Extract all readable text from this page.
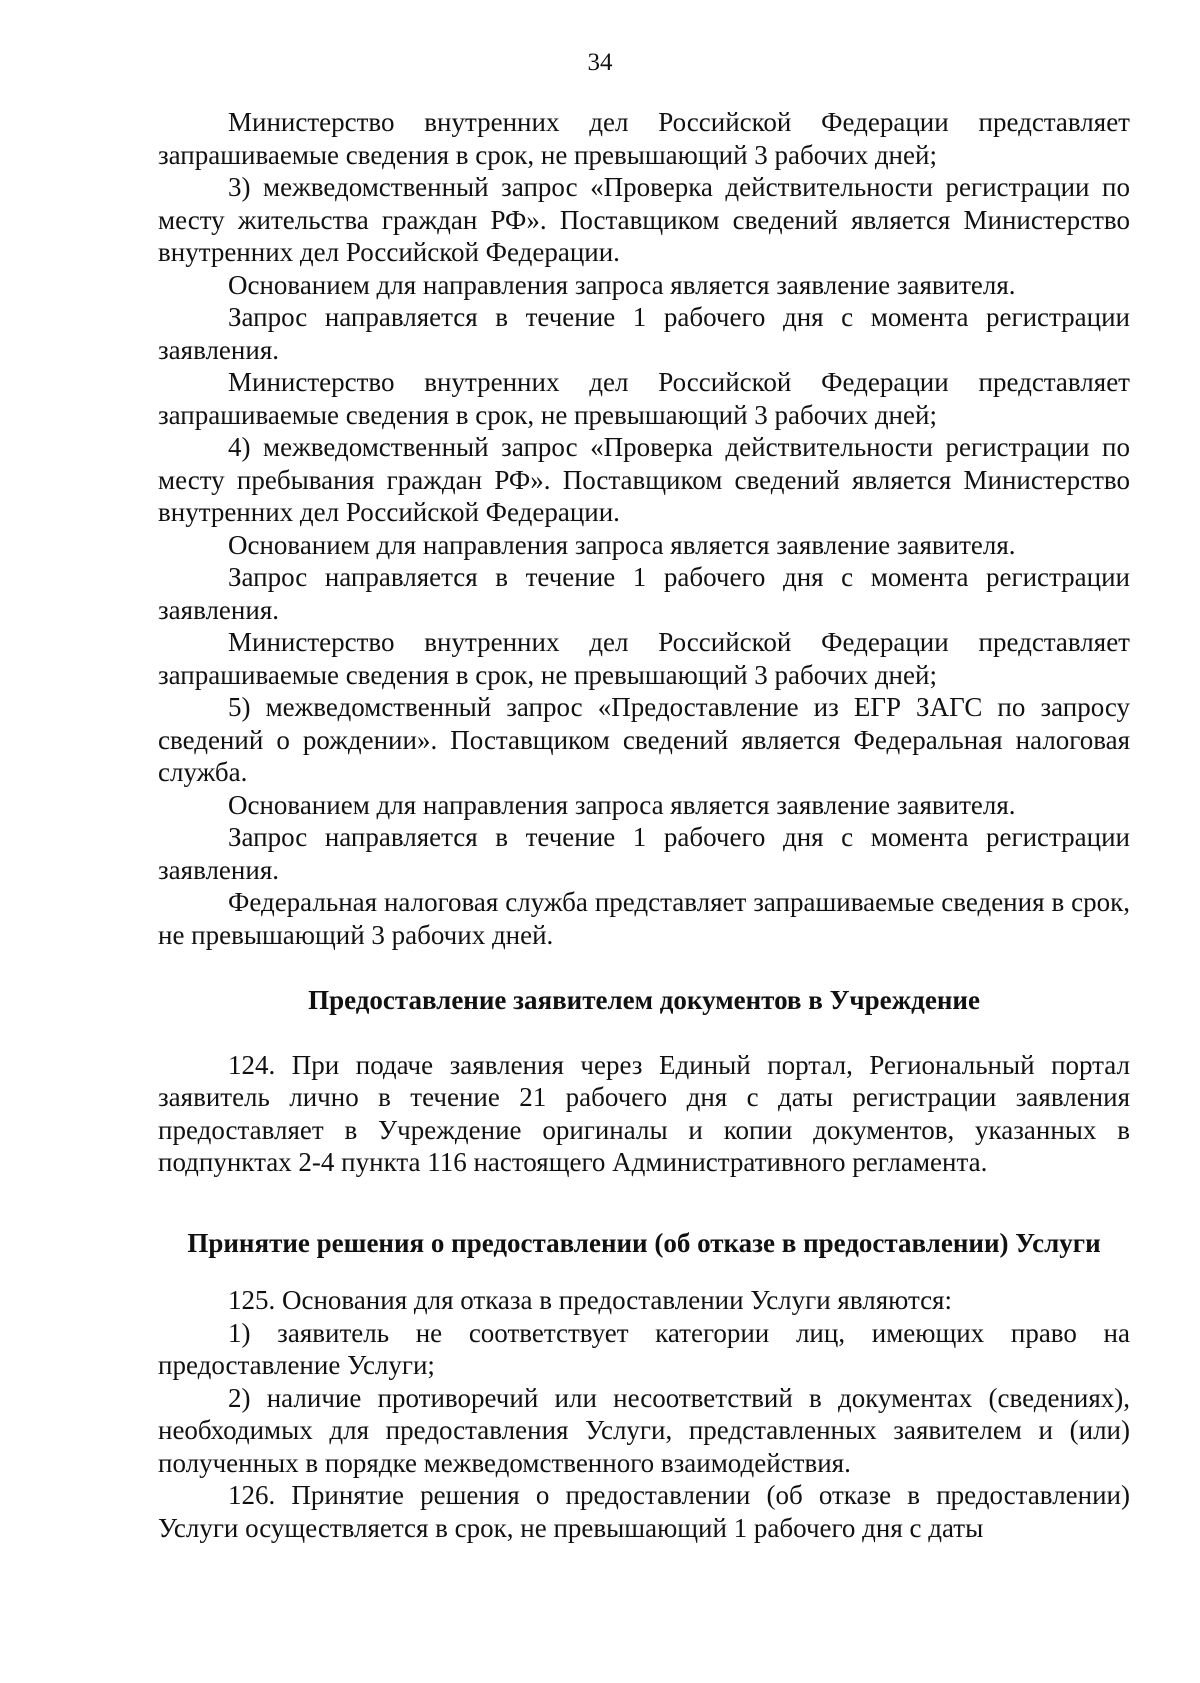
34

Министерство внутренних дел Российской Федерации представляет запрашиваемые сведения в срок, не превышающий 3 рабочих дней;

3) межведомственный запрос «Проверка действительности регистрации по месту жительства граждан РФ». Поставщиком сведений является Министерство внутренних дел Российской Федерации.

Основанием для направления запроса является заявление заявителя.

Запрос направляется в течение 1 рабочего дня с момента регистрации заявления.

Министерство внутренних дел Российской Федерации представляет запрашиваемые сведения в срок, не превышающий 3 рабочих дней;

4) межведомственный запрос «Проверка действительности регистрации по месту пребывания граждан РФ». Поставщиком сведений является Министерство внутренних дел Российской Федерации.

Основанием для направления запроса является заявление заявителя.

Запрос направляется в течение 1 рабочего дня с момента регистрации заявления.

Министерство внутренних дел Российской Федерации представляет запрашиваемые сведения в срок, не превышающий 3 рабочих дней;

5) межведомственный запрос «Предоставление из ЕГР ЗАГС по запросу сведений о рождении». Поставщиком сведений является Федеральная налоговая служба.

Основанием для направления запроса является заявление заявителя.

Запрос направляется в течение 1 рабочего дня с момента регистрации заявления.

Федеральная налоговая служба представляет запрашиваемые сведения в срок, не превышающий 3 рабочих дней.

Предоставление заявителем документов в Учреждение

124. При подаче заявления через Единый портал, Региональный портал заявитель лично в течение 21 рабочего дня с даты регистрации заявления предоставляет в Учреждение оригиналы и копии документов, указанных в подпунктах 2-4 пункта 116 настоящего Административного регламента.

Принятие решения о предоставлении (об отказе в предоставлении) Услуги

125. Основания для отказа в предоставлении Услуги являются:

1) заявитель не соответствует категории лиц, имеющих право на предоставление Услуги;

2) наличие противоречий или несоответствий в документах (сведениях), необходимых для предоставления Услуги, представленных заявителем и (или) полученных в порядке межведомственного взаимодействия.

126. Принятие решения о предоставлении (об отказе в предоставлении) Услуги осуществляется в срок, не превышающий 1 рабочего дня с даты
